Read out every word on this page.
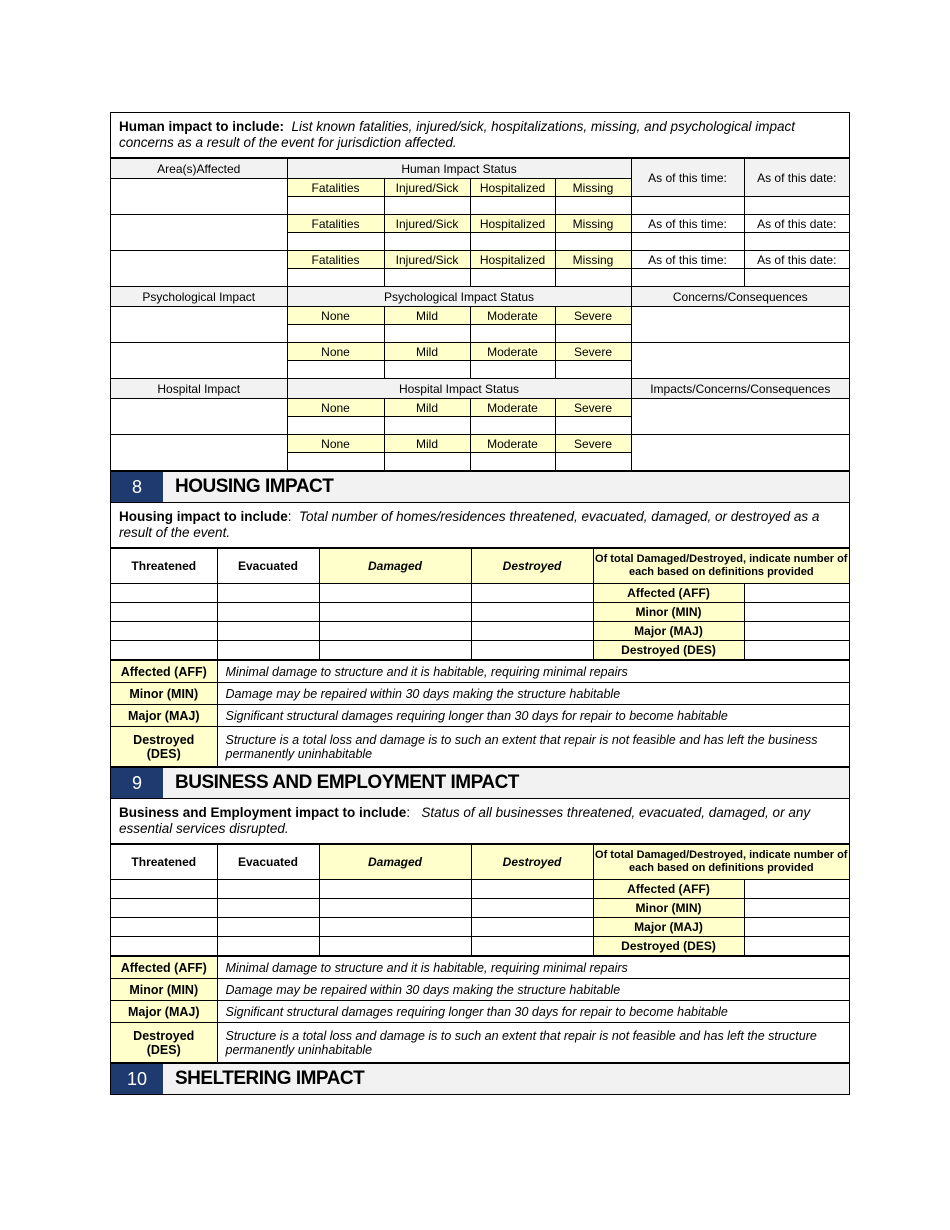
Human impact to include: List known fatalities, injured/sick, hospitalizations, missing, and psychological impact concerns as a result of the event for jurisdiction affected.
Area(s)Affected	Human Impact Status				As of this time:	As of this date:
	Fatalities	Injured/Sick	Hospitalized	Missing		

	Fatalities	Injured/Sick	Hospitalized	Missing	As of this time:	As of this date:

	Fatalities	Injured/Sick	Hospitalized	Missing	As of this time:	As of this date:

Psychological Impact	Psychological Impact Status				Concerns/Consequences	
	None	Mild	Moderate	Severe		

	None	Mild	Moderate	Severe		

Hospital Impact	Hospital Impact Status				Impacts/Concerns/Consequences	
	None	Mild	Moderate	Severe		

	None	Mild	Moderate	Severe		

8	HOUSING IMPACT
Housing impact to include:  Total number of homes/residences threatened, evacuated, damaged, or destroyed as a result of the event.
Threatened	Evacuated	Damaged	Destroyed	Of total Damaged/Destroyed, indicate number of each based on definitions provided	
				Affected (AFF)	
				Minor (MIN)	
				Major (MAJ)	
				Destroyed (DES)	
Affected (AFF)	Minimal damage to structure and it is habitable, requiring minimal repairs
Minor (MIN)	Damage may be repaired within 30 days making the structure habitable
Major (MAJ)	Significant structural damages requiring longer than 30 days for repair to become habitable
Destroyed (DES)	Structure is a total loss and damage is to such an extent that repair is not feasible and has left the business permanently uninhabitable
9	BUSINESS AND EMPLOYMENT IMPACT
Business and Employment impact to include:   Status of all businesses threatened, evacuated, damaged, or any essential services disrupted.
Threatened	Evacuated	Damaged	Destroyed	Of total Damaged/Destroyed, indicate number of each based on definitions provided	
				Affected (AFF)	
				Minor (MIN)	
				Major (MAJ)	
				Destroyed (DES)	
Affected (AFF)	Minimal damage to structure and it is habitable, requiring minimal repairs
Minor (MIN)	Damage may be repaired within 30 days making the structure habitable
Major (MAJ)	Significant structural damages requiring longer than 30 days for repair to become habitable
Destroyed (DES)	Structure is a total loss and damage is to such an extent that repair is not feasible and has left the structure permanently uninhabitable
10	SHELTERING IMPACT
